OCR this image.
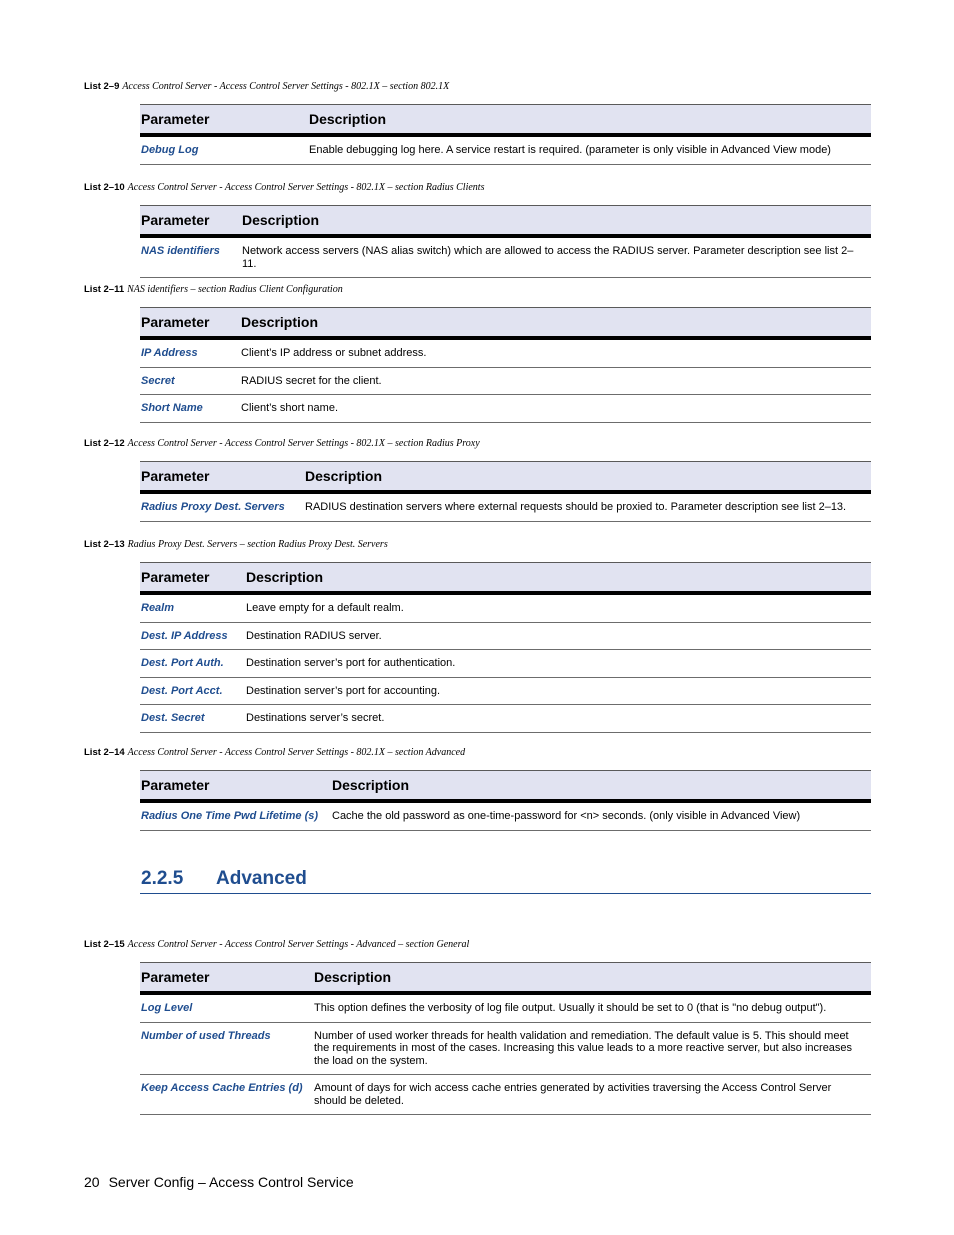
List 2–9 Access Control Server - Access Control Server Settings - 802.1X – section 802.1X
Parameter	Description
Debug Log	Enable debugging log here. A service restart is required. (parameter is only visible in Advanced View mode)
List 2–10 Access Control Server - Access Control Server Settings - 802.1X – section Radius Clients
Parameter	Description
NAS identifiers	Network access servers (NAS alias switch) which are allowed to access the RADIUS server. Parameter description see list 2–11.
List 2–11 NAS identifiers – section Radius Client Configuration
Parameter	Description
IP Address	Client’s IP address or subnet address.
Secret	RADIUS secret for the client.
Short Name	Client’s short name.
List 2–12 Access Control Server - Access Control Server Settings - 802.1X – section Radius Proxy
Parameter	Description
Radius Proxy Dest. Servers	RADIUS destination servers where external requests should be proxied to. Parameter description see list 2–13.
List 2–13 Radius Proxy Dest. Servers – section Radius Proxy Dest. Servers
Parameter	Description
Realm	Leave empty for a default realm.
Dest. IP Address	Destination RADIUS server.
Dest. Port Auth.	Destination server’s port for authentication.
Dest. Port Acct.	Destination server’s port for accounting.
Dest. Secret	Destinations server’s secret.
List 2–14 Access Control Server - Access Control Server Settings - 802.1X – section Advanced
Parameter	Description
Radius One Time Pwd Lifetime (s)	Cache the old password as one-time-password for <n> seconds. (only visible in Advanced View)
2.2.5 Advanced
List 2–15 Access Control Server - Access Control Server Settings - Advanced – section General
Parameter	Description
Log Level	This option defines the verbosity of log file output. Usually it should be set to 0 (that is "no debug output").
Number of used Threads	Number of used worker threads for health validation and remediation. The default value is 5. This should meet the requirements in most of the cases. Increasing this value leads to a more reactive server, but also increases the load on the system.
Keep Access Cache Entries (d)	Amount of days for wich access cache entries generated by activities traversing the Access Control Server should be deleted.
20 Server Config – Access Control Service
